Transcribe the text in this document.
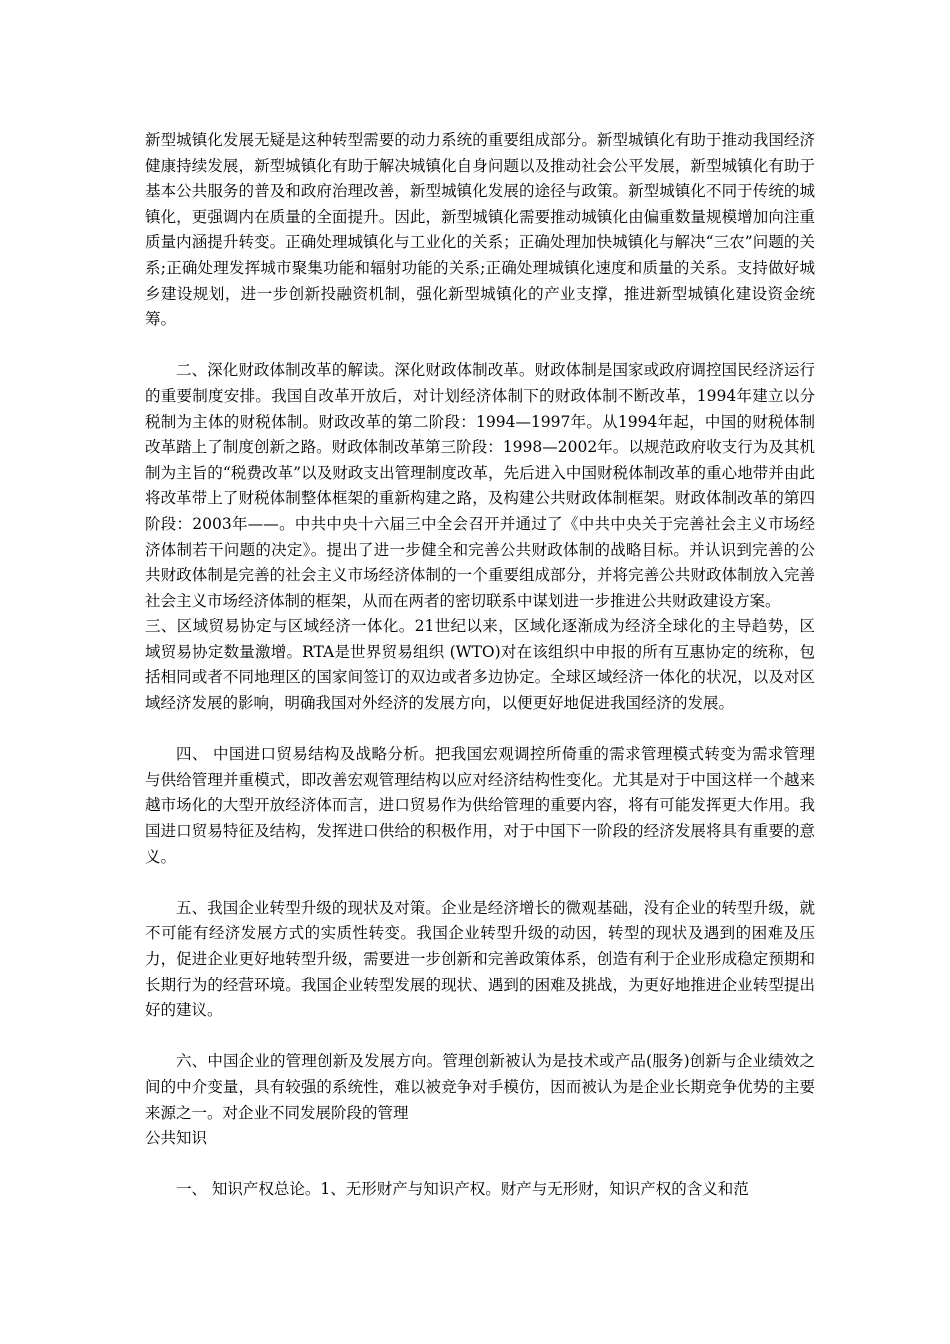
新型城镇化发展无疑是这种转型需要的动力系统的重要组成部分。新型城镇化有助于推动我国经济健康持续发展，新型城镇化有助于解决城镇化自身问题以及推动社会公平发展，新型城镇化有助于基本公共服务的普及和政府治理改善，新型城镇化发展的途径与政策。新型城镇化不同于传统的城镇化，更强调内在质量的全面提升。因此，新型城镇化需要推动城镇化由偏重数量规模增加向注重质量内涵提升转变。正确处理城镇化与工业化的关系；正确处理加快城镇化与解决“三农”问题的关系;正确处理发挥城市聚集功能和辐射功能的关系;正确处理城镇化速度和质量的关系。支持做好城乡建设规划，进一步创新投融资机制，强化新型城镇化的产业支撑，推进新型城镇化建设资金统筹。

二、深化财政体制改革的解读。深化财政体制改革。财政体制是国家或政府调控国民经济运行的重要制度安排。我国自改革开放后，对计划经济体制下的财政体制不断改革，1994年建立以分税制为主体的财税体制。财政改革的第二阶段：1994—1997年。从1994年起，中国的财税体制改革踏上了制度创新之路。财政体制改革第三阶段：1998—2002年。以规范政府收支行为及其机制为主旨的“税费改革”以及财政支出管理制度改革，先后进入中国财税体制改革的重心地带并由此将改革带上了财税体制整体框架的重新构建之路，及构建公共财政体制框架。财政体制改革的第四阶段：2003年——。中共中央十六届三中全会召开并通过了《中共中央关于完善社会主义市场经济体制若干问题的决定》。提出了进一步健全和完善公共财政体制的战略目标。并认识到完善的公共财政体制是完善的社会主义市场经济体制的一个重要组成部分，并将完善公共财政体制放入完善社会主义市场经济体制的框架，从而在两者的密切联系中谋划进一步推进公共财政建设方案。

三、区域贸易协定与区域经济一体化。21世纪以来，区域化逐渐成为经济全球化的主导趋势，区域贸易协定数量激增。RTA是世界贸易组织 (WTO)对在该组织中申报的所有互惠协定的统称，包括相同或者不同地理区的国家间签订的双边或者多边协定。全球区域经济一体化的状况，以及对区域经济发展的影响，明确我国对外经济的发展方向，以便更好地促进我国经济的发展。

四、 中国进口贸易结构及战略分析。把我国宏观调控所倚重的需求管理模式转变为需求管理与供给管理并重模式，即改善宏观管理结构以应对经济结构性变化。尤其是对于中国这样一个越来越市场化的大型开放经济体而言，进口贸易作为供给管理的重要内容，将有可能发挥更大作用。我国进口贸易特征及结构，发挥进口供给的积极作用，对于中国下一阶段的经济发展将具有重要的意义。

五、我国企业转型升级的现状及对策。企业是经济增长的微观基础，没有企业的转型升级，就不可能有经济发展方式的实质性转变。我国企业转型升级的动因，转型的现状及遇到的困难及压力，促进企业更好地转型升级，需要进一步创新和完善政策体系，创造有利于企业形成稳定预期和长期行为的经营环境。我国企业转型发展的现状、遇到的困难及挑战，为更好地推进企业转型提出好的建议。

六、中国企业的管理创新及发展方向。管理创新被认为是技术或产品(服务)创新与企业绩效之间的中介变量，具有较强的系统性，难以被竞争对手模仿，因而被认为是企业长期竞争优势的主要来源之一。对企业不同发展阶段的管理

公共知识

一、 知识产权总论。1、无形财产与知识产权。财产与无形财，知识产权的含义和范
